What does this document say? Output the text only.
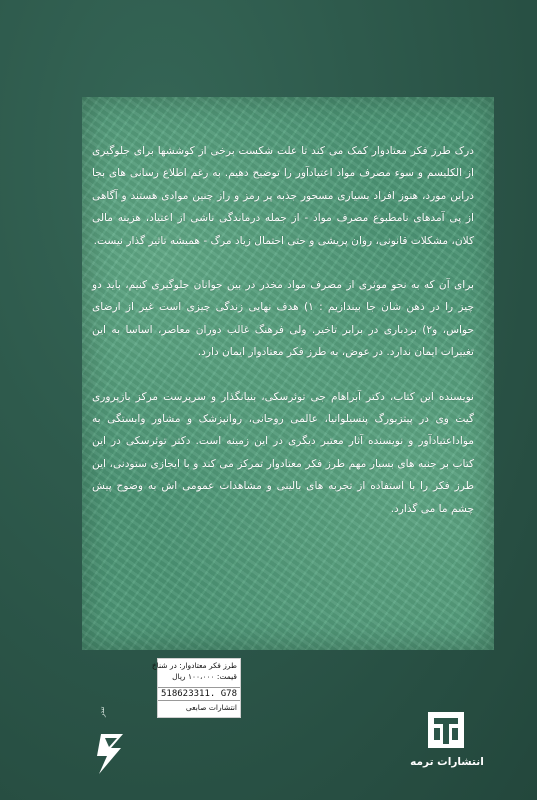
درک طرز فکر معتادوار کمک می کند تا علت شکست برخی از کوششها برای جلوگیری از الکلیسم و سوء مصرف مواد اعتیادآور را توضیح دهیم. به رغم اطلاع رسانی های بجا دراین مورد، هنوز افراد بسیاری مسحور جذبه پر رمز و راز چنین موادی هستند و آگاهی از پی آمدهای نامطبوع مصرف مواد - از جمله درماندگی ناشی از اعتیاد، هزینه مالی کلان، مشکلات قانونی، روان پریشی و حتی احتمال زیاد مرگ - همیشه تاثیر گذار نیست.

برای آن که به نحو موثری از مصرف مواد مخدر در بین جوانان جلوگیری کنیم، باید دو چیز را در ذهن شان جا بیندازیم : ۱) هدف نهایی زندگی چیزی است غیر از ارضای حواس، و۲) بردباری در برابر تاخیر. ولی فرهنگ غالب دوران معاصر، اساسا به این تغییرات ایمان ندارد. در عوض، به طرز فکر معتادوار ایمان دارد.

نویسنده این کتاب، دکتر آبراهام جی توئرسکی، بنیانگذار و سرپرست مرکز بازپروری گیت وی در پیتزبورگ پنسیلوانیا، عالمی روحانی، روانپزشک و مشاور وابستگی به مواداعتیادآور و نویسنده آثار معتبر دیگری در این زمینه است. دکتر توئرسکی در این کتاب بر جنبه های بسیار مهم طرز فکر معتادوار تمرکز می کند و با ایجازی ستودنی، این طرز فکر را با استفاده از تجربه های بالینی و مشاهدات عمومی اش به وضوح پیش چشم ما می گذارد.

طرز فکر معتادوار: در شناخ
قیمت: ۱۰۰،۰۰۰ ریال
51862 3311. G78
انتشارات صابعی
تندر
انتشارات ترمه
